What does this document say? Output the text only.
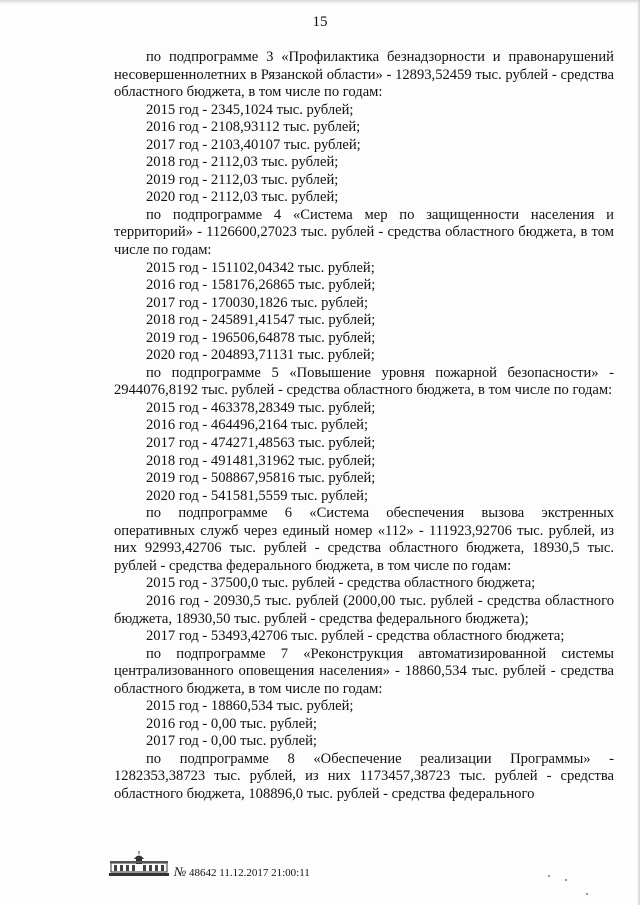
15

по подпрограмме 3 «Профилактика безнадзорности и правонарушений несовершеннолетних в Рязанской области» - 12893,52459 тыс. рублей - средства областного бюджета, в том числе по годам:

2015 год - 2345,1024 тыс. рублей;

2016 год - 2108,93112 тыс. рублей;

2017 год - 2103,40107 тыс. рублей;

2018 год - 2112,03 тыс. рублей;

2019 год - 2112,03 тыс. рублей;

2020 год - 2112,03 тыс. рублей;

по подпрограмме 4 «Система мер по защищенности населения и территорий» - 1126600,27023 тыс. рублей - средства областного бюджета, в том числе по годам:

2015 год - 151102,04342 тыс. рублей;

2016 год - 158176,26865 тыс. рублей;

2017 год - 170030,1826 тыс. рублей;

2018 год - 245891,41547 тыс. рублей;

2019 год - 196506,64878 тыс. рублей;

2020 год - 204893,71131 тыс. рублей;

по подпрограмме 5 «Повышение уровня пожарной безопасности» - 2944076,8192 тыс. рублей - средства областного бюджета, в том числе по годам:

2015 год - 463378,28349 тыс. рублей;

2016 год - 464496,2164 тыс. рублей;

2017 год - 474271,48563 тыс. рублей;

2018 год - 491481,31962 тыс. рублей;

2019 год - 508867,95816 тыс. рублей;

2020 год - 541581,5559 тыс. рублей;

по подпрограмме 6 «Система обеспечения вызова экстренных оперативных служб через единый номер «112» - 111923,92706 тыс. рублей, из них 92993,42706 тыс. рублей - средства областного бюджета, 18930,5 тыс. рублей - средства федерального бюджета, в том числе по годам:

2015 год - 37500,0 тыс. рублей - средства областного бюджета;

2016 год - 20930,5 тыс. рублей (2000,00 тыс. рублей - средства областного бюджета, 18930,50 тыс. рублей - средства федерального бюджета);

2017 год - 53493,42706 тыс. рублей - средства областного бюджета;

по подпрограмме 7 «Реконструкция автоматизированной системы централизованного оповещения населения» - 18860,534 тыс. рублей - средства областного бюджета, в том числе по годам:

2015 год - 18860,534 тыс. рублей;

2016 год - 0,00 тыс. рублей;

2017 год - 0,00 тыс. рублей;

по подпрограмме 8 «Обеспечение реализации Программы» - 1282353,38723 тыс. рублей, из них 1173457,38723 тыс. рублей - средства областного бюджета, 108896,0 тыс. рублей - средства федерального

№ 48642 11.12.2017 21:00:11
